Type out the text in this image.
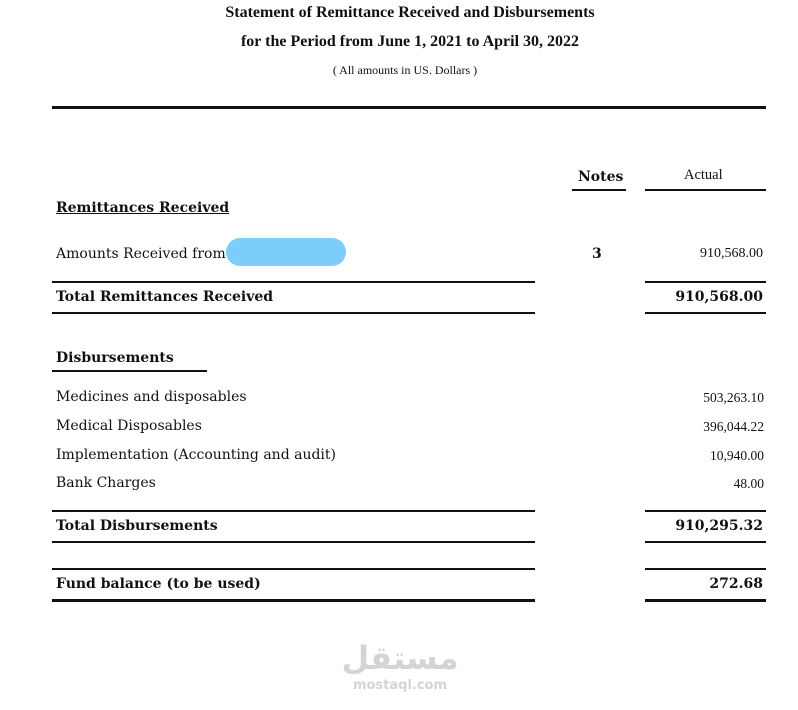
Statement of Remittance Received and Disbursements
for the Period from June 1, 2021 to April 30, 2022
( All amounts in US. Dollars )
Notes	Actual
Remittances Received
Amounts Received from	3	910,568.00
Total Remittances Received	910,568.00
Disbursements
Medicines and disposables	503,263.10
Medical Disposables	396,044.22
Implementation (Accounting and audit)	10,940.00
Bank Charges	48.00
Total Disbursements	910,295.32
Fund balance (to be used)	272.68
مستقل
mostaql.com
